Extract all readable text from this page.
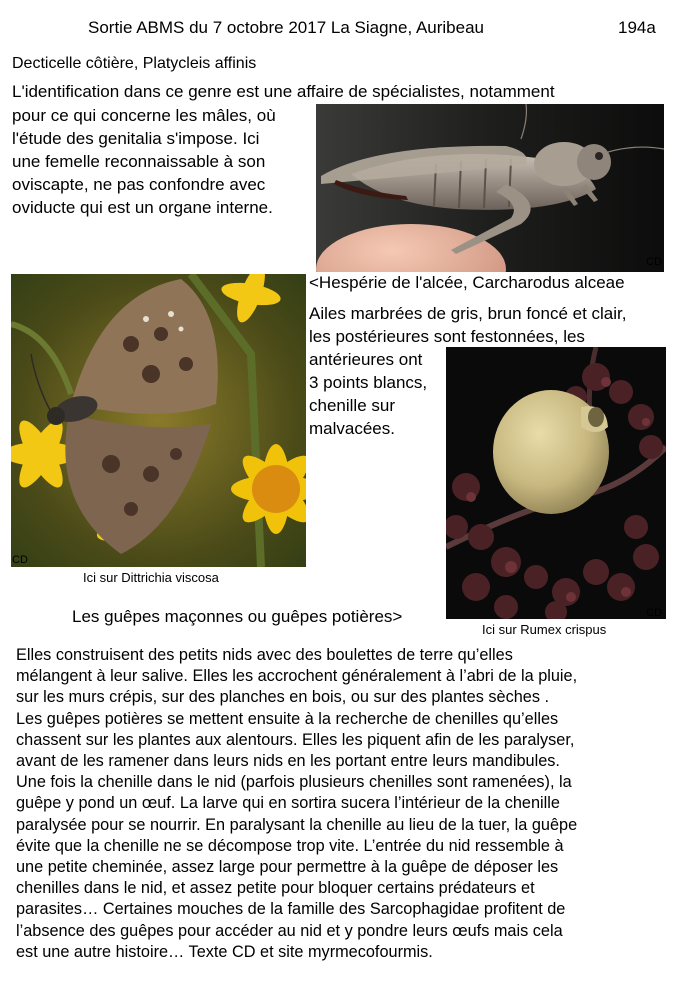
Sortie ABMS du 7 octobre 2017 La Siagne, Auribeau	194a
Decticelle côtière, Platycleis affinis
L'identification dans ce genre est une affaire de spécialistes, notamment
pour ce qui concerne les mâles, où
l'étude des genitalia s'impose. Ici
une femelle reconnaissable à son
oviscapte, ne pas confondre avec
oviducte qui est un organe interne.
CD
CD
Ici sur Dittrichia viscosa
<Hespérie de l'alcée, Carcharodus alceae
Ailes marbrées de gris, brun foncé et clair,
les postérieures sont festonnées, les
antérieures ont
3 points blancs,
chenille sur
malvacées.
CD
Ici sur Rumex crispus
Les guêpes maçonnes ou guêpes potières>
Elles construisent des petits nids avec des boulettes de terre qu’elles
mélangent à leur salive. Elles les accrochent généralement à l’abri de la pluie,
sur les murs crépis, sur des planches en bois, ou sur des plantes sèches .
Les guêpes potières se mettent ensuite à la recherche de chenilles qu’elles
chassent sur les plantes aux alentours. Elles les piquent afin de les paralyser,
avant de les ramener dans leurs nids en les portant entre leurs mandibules.
Une fois la chenille dans le nid (parfois plusieurs chenilles sont ramenées), la
guêpe y pond un œuf. La larve qui en sortira sucera l’intérieur de la chenille
paralysée pour se nourrir. En paralysant la chenille au lieu de la tuer, la guêpe
évite que la chenille ne se décompose trop vite. L’entrée du nid ressemble à
une petite cheminée, assez large pour permettre à la guêpe de déposer les
chenilles dans le nid, et assez petite pour bloquer certains prédateurs et
parasites… Certaines mouches de la famille des Sarcophagidae profitent de
l’absence des guêpes pour accéder au nid et y pondre leurs œufs mais cela
est une autre histoire… Texte CD et site myrmecofourmis.
